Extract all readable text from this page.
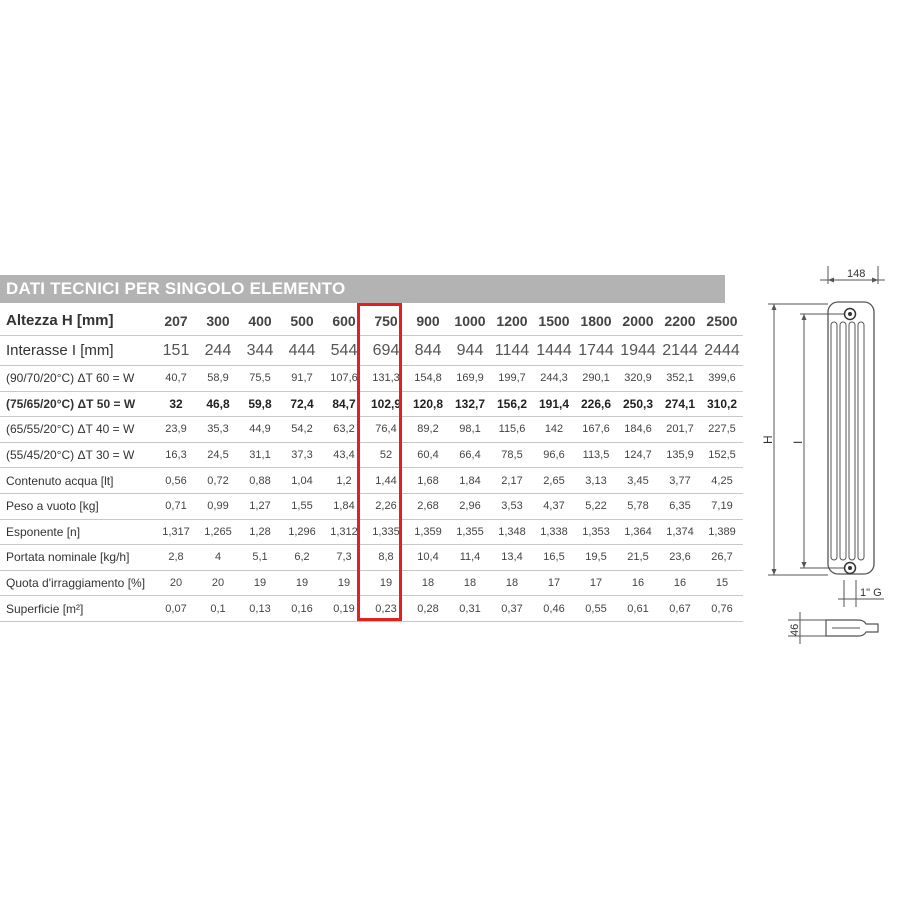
DATI TECNICI PER SINGOLO ELEMENTO
Altezza H [mm]	207	300	400	500	600	750	900	1000	1200	1500	1800	2000	2200	2500
Interasse I [mm]	151	244	344	444	544	694	844	944	1144	1444	1744	1944	2144	2444
(90/70/20°C) ΔT 60 = W	40,7	58,9	75,5	91,7	107,6	131,3	154,8	169,9	199,7	244,3	290,1	320,9	352,1	399,6
(75/65/20°C) ΔT 50 = W	32	46,8	59,8	72,4	84,7	102,9	120,8	132,7	156,2	191,4	226,6	250,3	274,1	310,2
(65/55/20°C) ΔT 40 = W	23,9	35,3	44,9	54,2	63,2	76,4	89,2	98,1	115,6	142	167,6	184,6	201,7	227,5
(55/45/20°C) ΔT 30 = W	16,3	24,5	31,1	37,3	43,4	52	60,4	66,4	78,5	96,6	113,5	124,7	135,9	152,5
Contenuto acqua [lt]	0,56	0,72	0,88	1,04	1,2	1,44	1,68	1,84	2,17	2,65	3,13	3,45	3,77	4,25
Peso a vuoto [kg]	0,71	0,99	1,27	1,55	1,84	2,26	2,68	2,96	3,53	4,37	5,22	5,78	6,35	7,19
Esponente [n]	1,317	1,265	1,28	1,296	1,312	1,335	1,359	1,355	1,348	1,338	1,353	1,364	1,374	1,389
Portata nominale [kg/h]	2,8	4	5,1	6,2	7,3	8,8	10,4	11,4	13,4	16,5	19,5	21,5	23,6	26,7
Quota d'irraggiamento [%]	20	20	19	19	19	19	18	18	18	17	17	16	16	15
Superficie [m²]	0,07	0,1	0,13	0,16	0,19	0,23	0,28	0,31	0,37	0,46	0,55	0,61	0,67	0,76
148
H I
1" G
46
